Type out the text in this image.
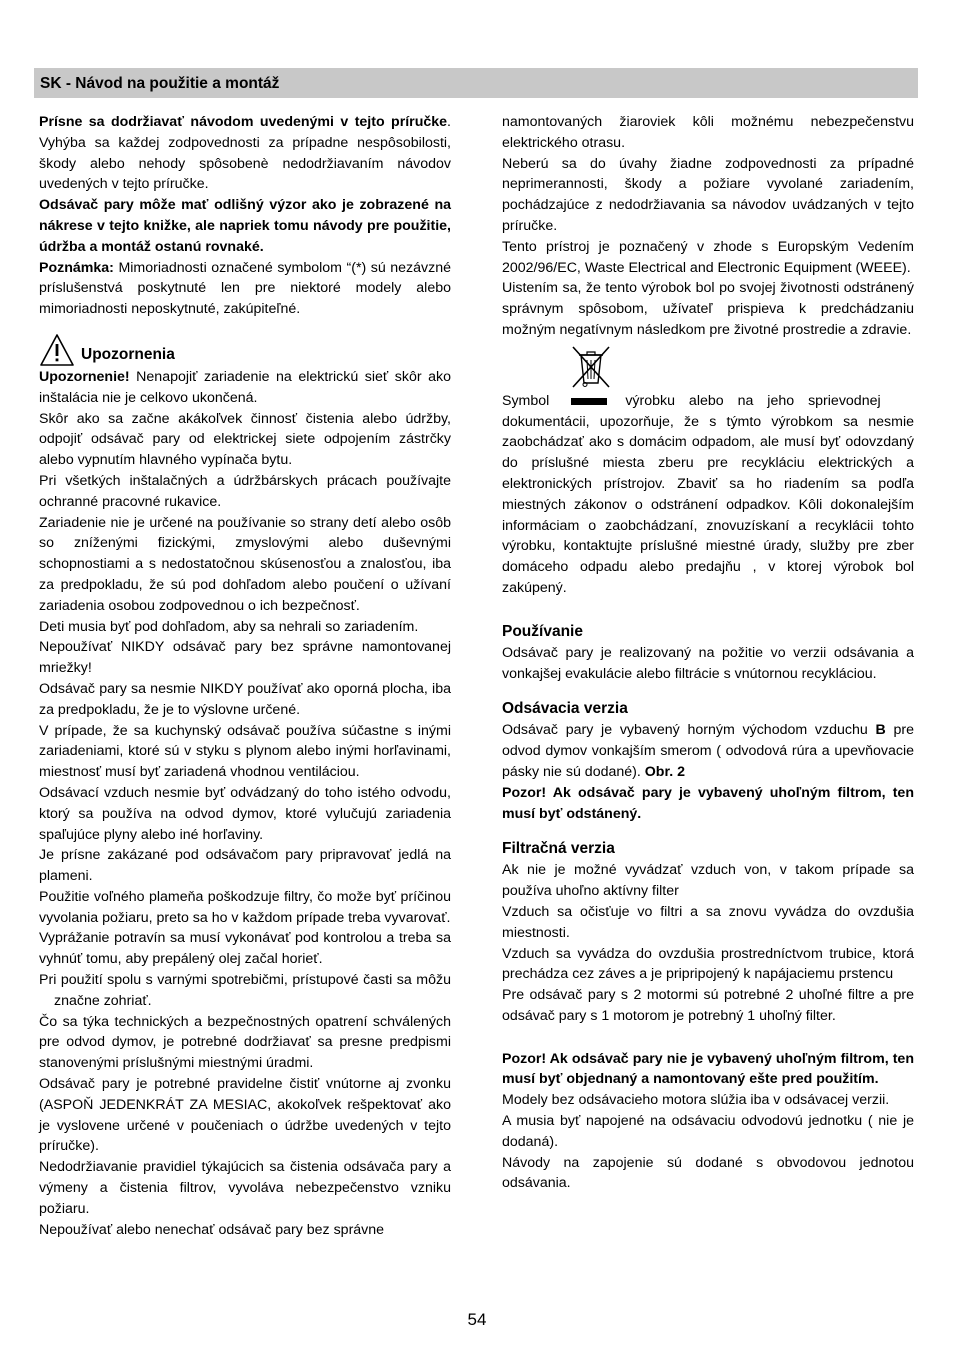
SK - Návod na použitie a montáž

Prísne sa dodržiavať návodom uvedenými v tejto príručke. Vyhýba sa každej zodpovednosti za prípadne nespôsobilosti, škody alebo nehody spôsobenè nedodržiavaním návodov uvedených v tejto príručke.

Odsávač pary môže mať odlišný výzor ako je zobrazené na nákrese v tejto knižke, ale napriek tomu návody pre použitie, údržba a montáž ostanú rovnaké.

Poznámka: Mimoriadnosti označené symbolom “(*) sú nezávzné príslušenstvá poskytnuté len pre niektoré modely alebo mimoriadnosti neposkytnuté, zakúpiteľné.

Upozornenia

Upozornenie! Nenapojiť zariadenie na elektrickú sieť skôr ako inštalácia nie je celkovo ukončená.

Skôr ako sa začne akákoľvek činnosť čistenia alebo údržby, odpojiť odsávač pary od elektrickej siete odpojením zástrčky alebo vypnutím hlavného vypínača bytu.

Pri všetkých inštalačných a údržbárskych prácach používajte ochranné pracovné rukavice.

Zariadenie nie je určené na používanie so strany detí alebo osôb so zníženými fizickými, zmyslovými alebo duševnými schopnostiami a s nedostatočnou skúsenosťou a znalosťou, iba za predpokladu, že sú pod dohľadom alebo poučení o užívaní zariadenia osobou zodpovednou o ich bezpečnosť.

Deti musia byť pod dohľadom, aby sa nehrali so zariadením.

Nepoužívať NIKDY odsávač pary bez správne namontovanej mriežky!

Odsávač pary sa nesmie NIKDY používať ako oporná plocha, iba za predpokladu, že je to výslovne určené.

V prípade, že sa kuchynský odsávač používa súčastne s inými zariadeniami, ktoré sú v styku s plynom alebo inými horľavinami, miestnosť musí byť zariadená vhodnou ventiláciou.

Odsávací vzduch nesmie byť odvádzaný do toho istého odvodu, ktorý sa používa na odvod dymov, ktoré vylučujú zariadenia spaľujúce plyny alebo iné horľaviny.

Je prísne zakázané pod odsávačom pary pripravovať jedlá na plameni.

Použitie voľného plameňa poškodzuje filtry, čo može byť príčinou vyvolania požiaru, preto sa ho v každom prípade treba vyvarovať.

Vyprážanie potravín sa musí vykonávať pod kontrolou a treba sa vyhnúť tomu, aby prepálený olej začal horieť.

Pri použití spolu s varnými spotrebičmi, prístupové časti sa môžu značne zohriať.

Čo sa týka technických a bezpečnostných opatrení schválených pre odvod dymov, je potrebné dodržiavať sa presne predpismi stanovenými príslušnými miestnými úradmi.

Odsávač pary je potrebné pravidelne čistiť vnútorne aj zvonku (ASPOŇ JEDENKRÁT ZA MESIAC, akokoľvek rešpektovať ako je vyslovene určené v poučeniach o údržbe uvedených v tejto príručke).

Nedodržiavanie pravidiel týkajúcich sa čistenia odsávača pary a výmeny a čistenia filtrov, vyvoláva nebezpečenstvo vzniku požiaru.

Nepoužívať alebo nenechať odsávač pary bez správne

namontovaných žiaroviek kôli možnému nebezpečenstvu elektrického otrasu.

Neberú sa do úvahy žiadne zodpovednosti za prípadné neprimerannosti, škody a požiare vyvolané zariadením, pochádzajúce z nedodržiavania sa návodov uvádzaných v tejto príručke.

Tento prístroj je poznačený v zhode s Europským Vedením 2002/96/EC, Waste Electrical and Electronic Equipment (WEEE).

Uistením sa, že tento výrobok bol po svojej životnosti odstránený správnym spôsobom, užívateľ prispieva k predchádzaniu možným negatívnym následkom pre životné prostredie a zdravie.

Symbol	výrobku alebo na jeho sprievodnej

dokumentácii, upozorňuje, že s týmto výrobkom sa nesmie zaobchádzať ako s domácim odpadom, ale musí byť odovzdaný do príslušné miesta zberu pre recykláciu elektrických a elektronických prístrojov. Zbaviť sa ho riadením sa podľa miestných zákonov o odstránení odpadkov. Kôli dokonalejším informáciam o zaobchádzaní, znovuzískaní a recyklácii tohto výrobku, kontaktujte príslušné miestné úrady, služby pre zber domáceho odpadu alebo predajňu , v ktorej výrobok bol zakúpený.

Používanie

Odsávač pary je realizovaný na požitie vo verzii odsávania a vonkajšej evakulácie alebo filtrácie s vnútornou recykláciou.

Odsávacia verzia

Odsávač pary je vybavený horným východom vzduchu B pre odvod dymov vonkajším smerom ( odvodová rúra a upevňovacie pásky nie sú dodané). Obr. 2

Pozor! Ak odsávač pary je vybavený uhoľným filtrom, ten musí byť odstánený.

Filtračná verzia

Ak nie je možné vyvádzať vzduch von, v takom prípade sa používa uhoľno aktívny filter

Vzduch sa očisťuje vo filtri a sa znovu vyvádza do ovzdušia miestnosti.

Vzduch sa vyvádza do ovzdušia prostredníctvom trubice, ktorá prechádza cez záves a je pripripojený k napájaciemu prstencu

Pre odsávač pary s 2 motormi sú potrebné 2 uhoľné filtre a pre odsávač pary s 1 motorom je potrebný 1 uhoľný filter.

Pozor! Ak odsávač pary nie je vybavený uhoľným filtrom, ten musí byť objednaný a namontovaný ešte pred použitím.

Modely bez odsávacieho motora slúžia iba v odsávacej verzii.

A musia byť napojené na odsávaciu odvodovú jednotku ( nie je dodaná).

Návody na zapojenie sú dodané s obvodovou jednotou odsávania.

54
